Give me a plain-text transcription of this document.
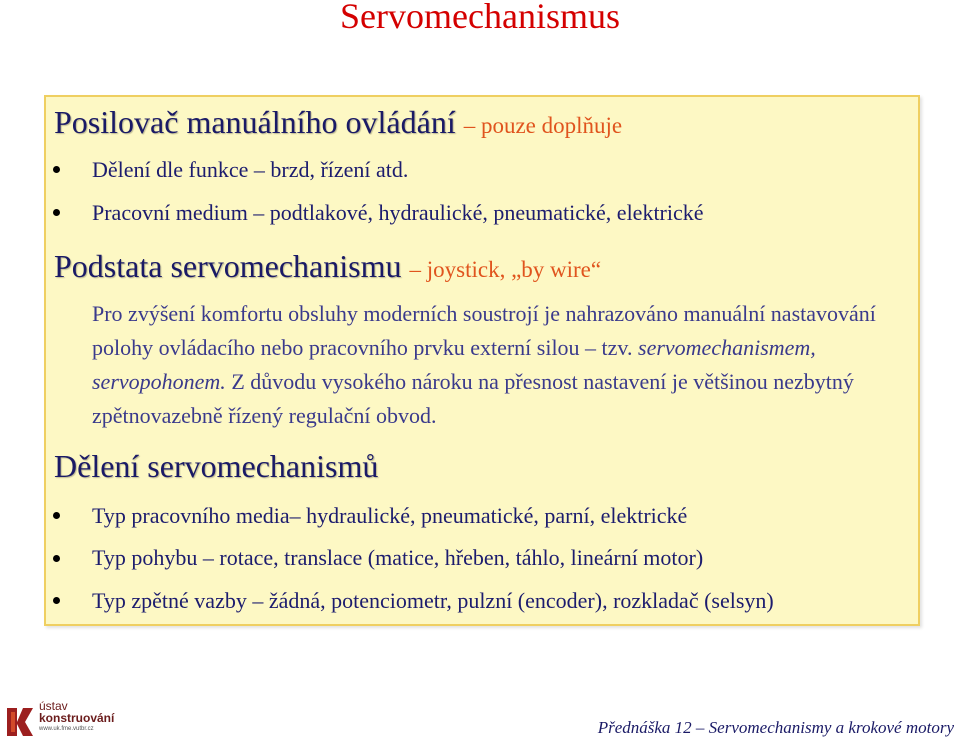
Servomechanismus
Posilovač manuálního ovládání – pouze doplňuje
Dělení dle funkce – brzd, řízení atd.
Pracovní medium – podtlakové, hydraulické, pneumatické, elektrické
Podstata servomechanismu – joystick, „by wire“
Pro zvýšení komfortu obsluhy moderních soustrojí je nahrazováno manuální nastavování polohy ovládacího nebo pracovního prvku externí silou – tzv. servomechanismem, servopohonem. Z důvodu vysokého nároku na přesnost nastavení je většinou nezbytný zpětnovazebně řízený regulační obvod.
Dělení servomechanismů
Typ pracovního media– hydraulické, pneumatické, parní, elektrické
Typ pohybu – rotace, translace (matice, hřeben, táhlo, lineární motor)
Typ zpětné vazby – žádná, potenciometr, pulzní (encoder), rozkladač (selsyn)
ústav
konstruování
www.uk.fme.vutbr.cz	Přednáška 12 – Servomechanismy a krokové motory
